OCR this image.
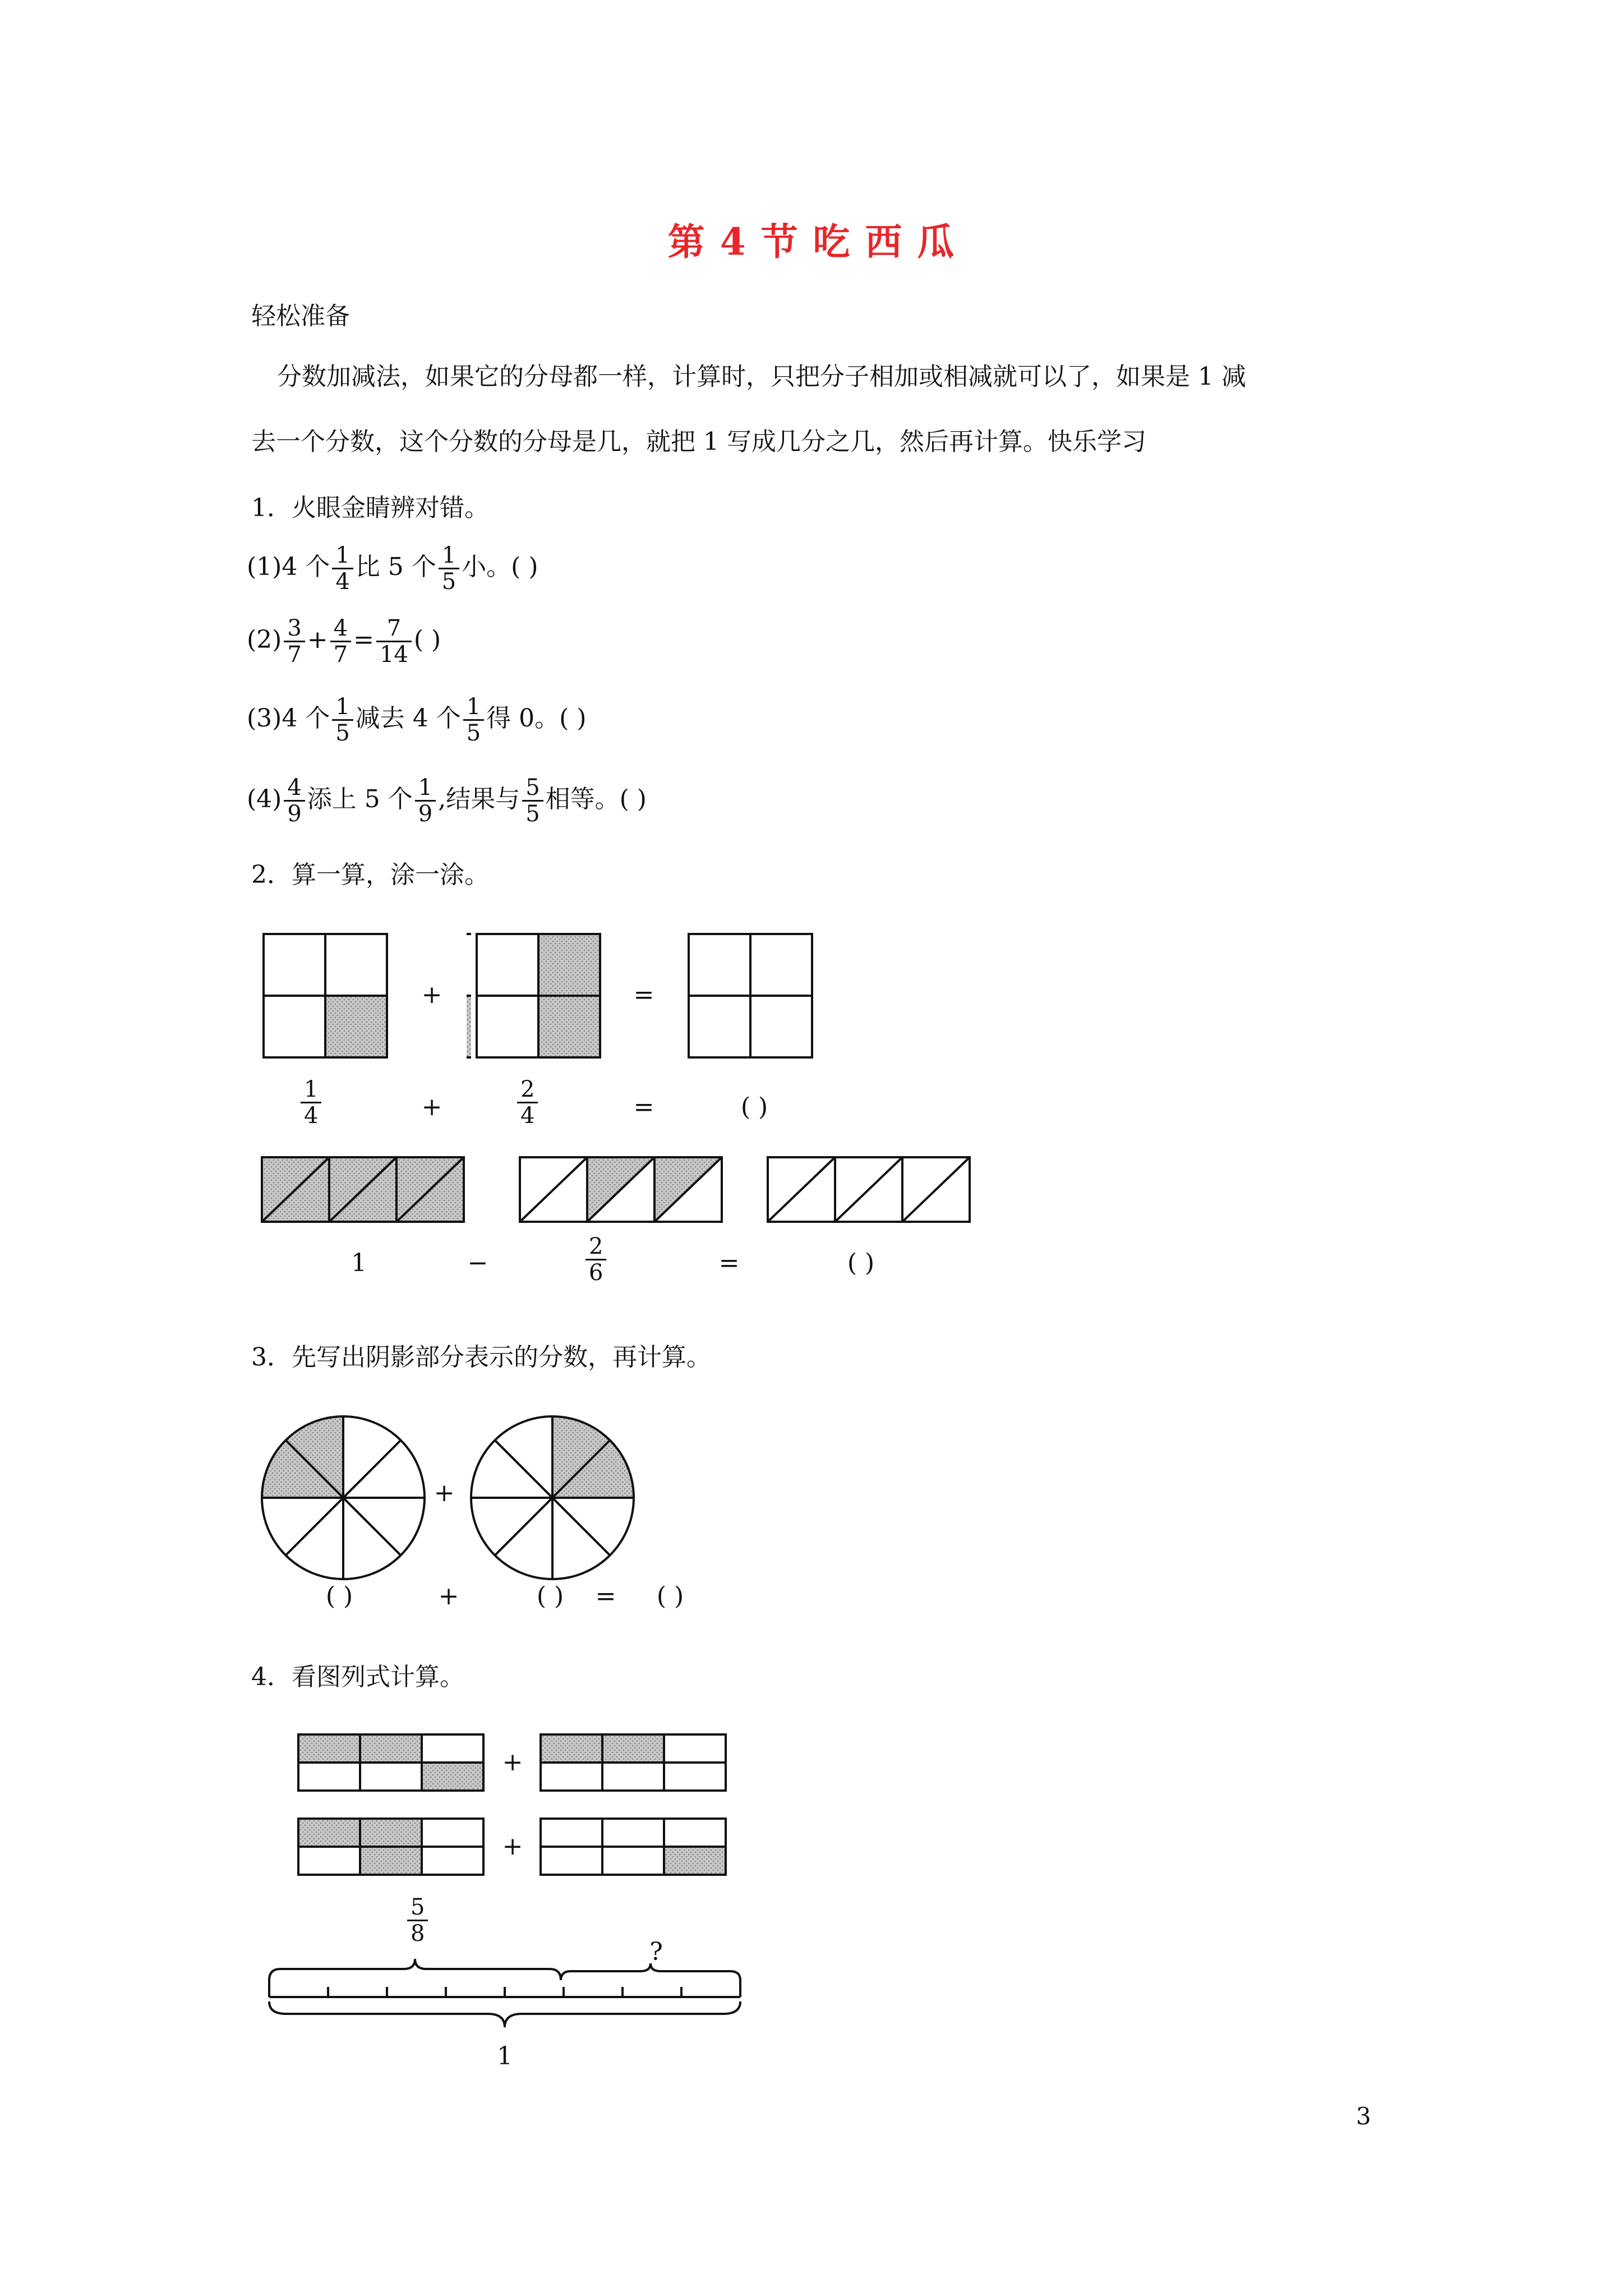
第 4 节 吃 西 瓜
轻松准备
分数加减法，如果它的分母都一样，计算时，只把分子相加或相减就可以了，如果是 1 减
去一个分数，这个分数的分母是几，就把 1 写成几分之几，然后再计算。快乐学习
1．火眼金睛辨对错。
(1)4 个 $\frac{1}{4}$ 比 5 个 $\frac{1}{5}$ 小。( )
$(2) \frac{3}{7} + \frac{4}{7} = \frac{7}{14}$ ( )
(3)4 个 $\frac{1}{5}$ 减去 4 个 $\frac{1}{5}$ 得 0。( )
$(4) \frac{4}{9}$ 添上 5 个 $\frac{1}{9}$ ,结果与 $\frac{5}{5}$ 相等。( )
2．算一算，涂一涂。
+	=
$\frac{1}{4}$	+	$\frac{2}{4}$	=	( )
1	−	$\frac{2}{6}$	=	( )
3．先写出阴影部分表示的分数，再计算。
+
( )	+	( )	=	( )
4．看图列式计算。
+
+
$\frac{5}{8}$
?
1
3
